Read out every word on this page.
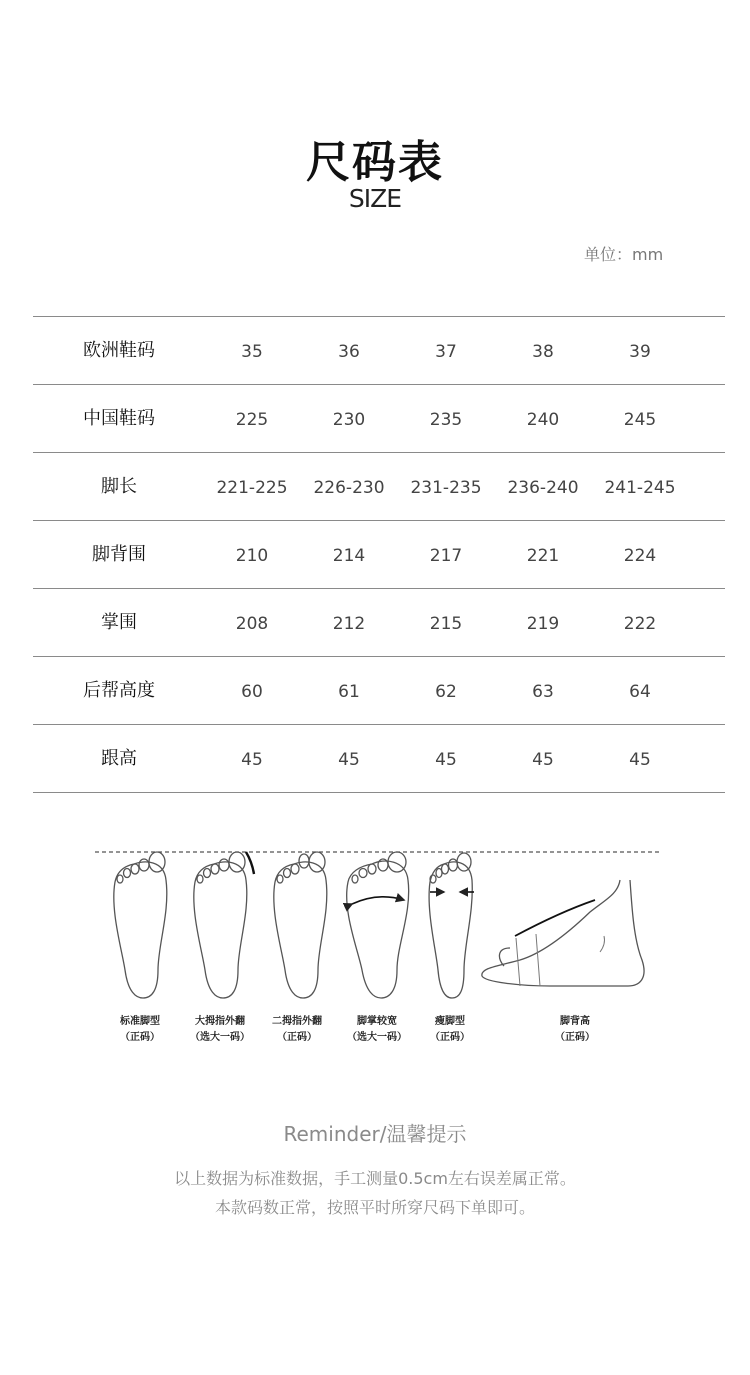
尺码表
SIZE
单位：mm
欧洲鞋码	35	36	37	38	39
中国鞋码	225	230	235	240	245
脚长	221-225	226-230	231-235	236-240	241-245
脚背围	210	214	217	221	224
掌围	208	212	215	219	222
后帮高度	60	61	62	63	64
跟高	45	45	45	45	45
标准脚型
（正码）
大拇指外翻
（选大一码）
二拇指外翻
（正码）
脚掌较宽
（选大一码）
瘦脚型
（正码）
脚背高
（正码）
Reminder/温馨提示
以上数据为标准数据，手工测量0.5cm左右误差属正常。
本款码数正常，按照平时所穿尺码下单即可。
